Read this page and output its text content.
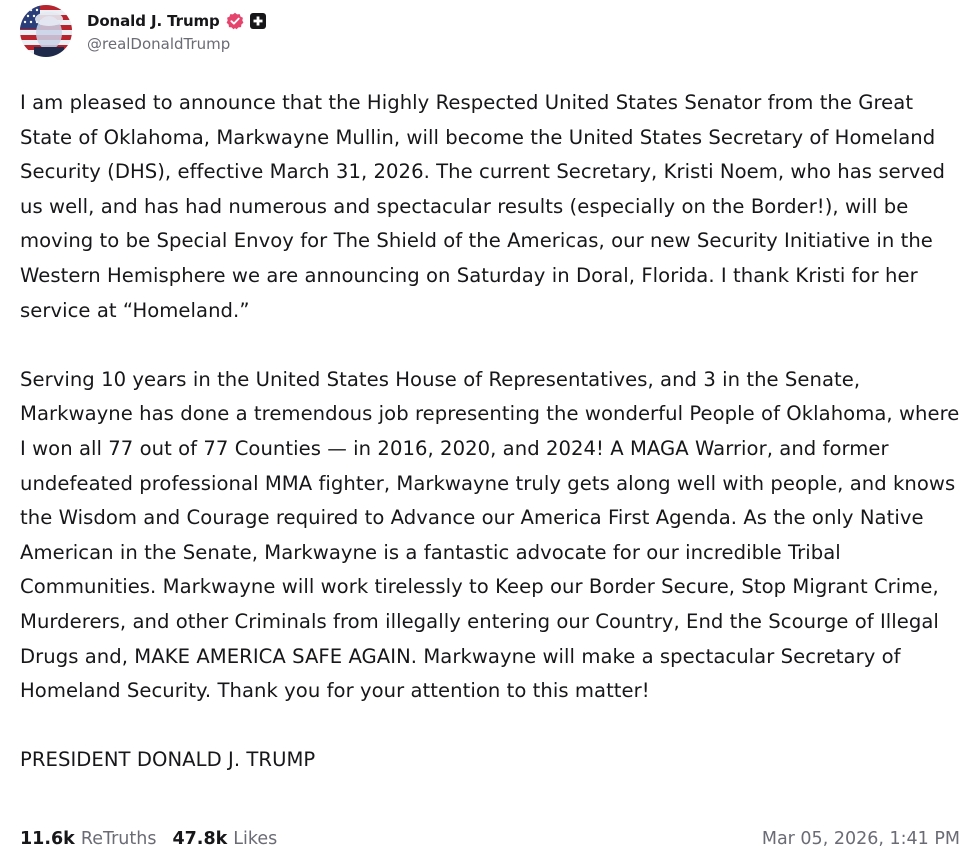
Donald J. Trump
@realDonaldTrump

I am pleased to announce that the Highly Respected United States Senator from the Great State of Oklahoma, Markwayne Mullin, will become the United States Secretary of Homeland Security (DHS), effective March 31, 2026. The current Secretary, Kristi Noem, who has served us well, and has had numerous and spectacular results (especially on the Border!), will be moving to be Special Envoy for The Shield of the Americas, our new Security Initiative in the Western Hemisphere we are announcing on Saturday in Doral, Florida. I thank Kristi for her service at “Homeland.”

Serving 10 years in the United States House of Representatives, and 3 in the Senate, Markwayne has done a tremendous job representing the wonderful People of Oklahoma, where I won all 77 out of 77 Counties — in 2016, 2020, and 2024! A MAGA Warrior, and former undefeated professional MMA fighter, Markwayne truly gets along well with people, and knows the Wisdom and Courage required to Advance our America First Agenda. As the only Native American in the Senate, Markwayne is a fantastic advocate for our incredible Tribal Communities. Markwayne will work tirelessly to Keep our Border Secure, Stop Migrant Crime, Murderers, and other Criminals from illegally entering our Country, End the Scourge of Illegal Drugs and, MAKE AMERICA SAFE AGAIN. Markwayne will make a spectacular Secretary of Homeland Security. Thank you for your attention to this matter!

PRESIDENT DONALD J. TRUMP

11.6k ReTruths 47.8k Likes	Mar 05, 2026, 1:41 PM
